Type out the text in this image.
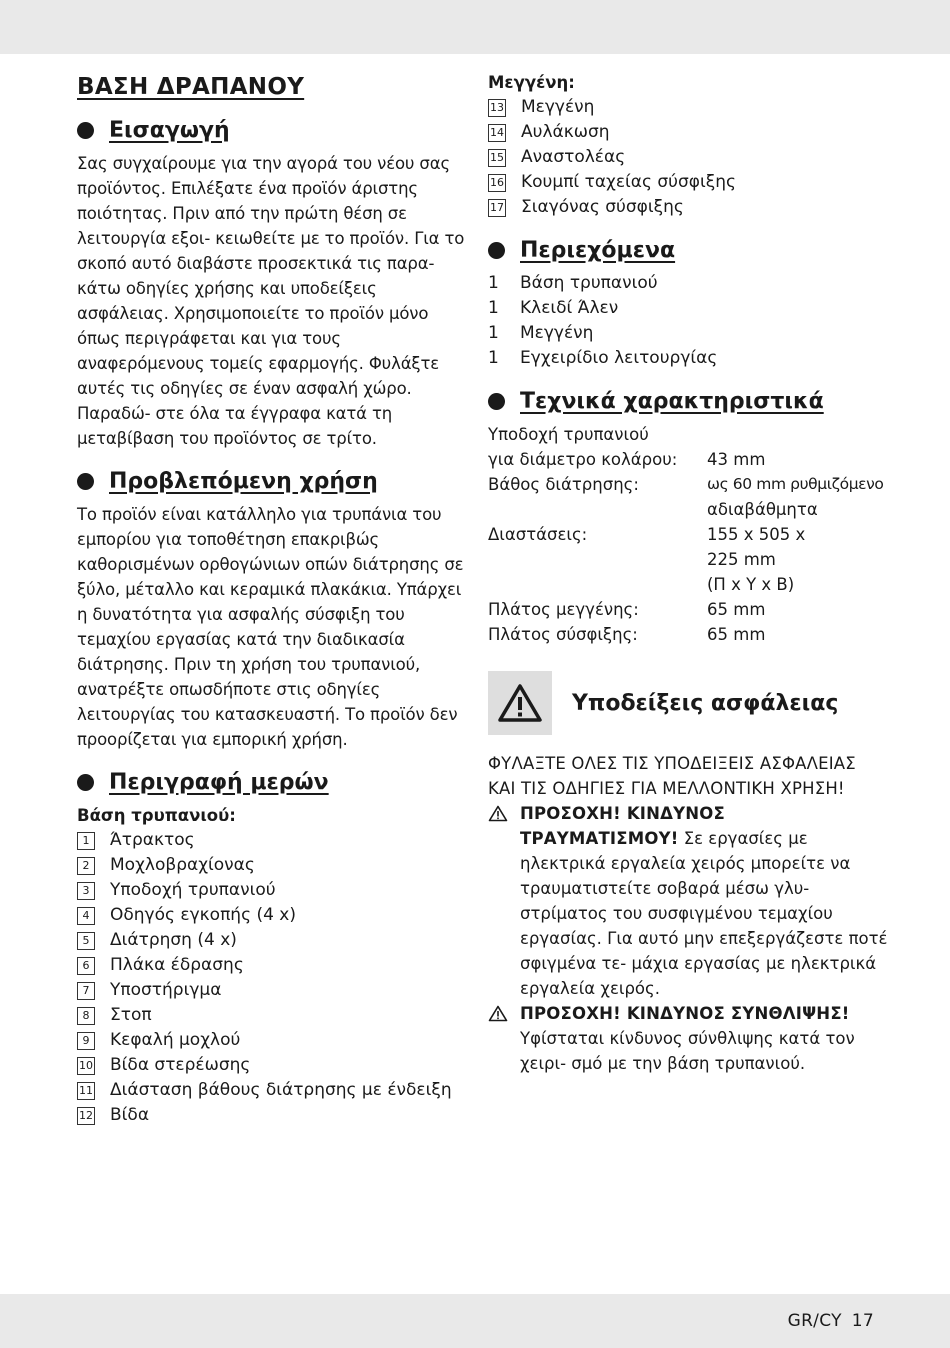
ΒΑΣΗ ΔΡΑΠΑΝΟΥ
Εισαγωγή

Σας συγχαίρουμε για την αγορά του νέου σας προϊόντος. Επιλέξατε ένα προϊόν άριστης ποιότητας. Πριν από την πρώτη θέση σε λειτουργία εξοι- κειωθείτε με το προϊόν. Για το σκοπό αυτό διαβάστε προσεκτικά τις παρα- κάτω οδηγίες χρήσης και υποδείξεις ασφάλειας. Χρησιμοποιείτε το προϊόν μόνο όπως περιγράφεται και για τους αναφερόμενους τομείς εφαρμογής. Φυλάξτε αυτές τις οδηγίες σε έναν ασφαλή χώρο. Παραδώ- στε όλα τα έγγραφα κατά τη μεταβίβαση του προϊόντος σε τρίτο.

Προβλεπόμενη χρήση

Το προϊόν είναι κατάλληλο για τρυπάνια του εμπορίου για τοποθέτηση επακριβώς καθορισμένων ορθογώνιων οπών διάτρησης σε ξύλο, μέταλλο και κεραμικά πλακάκια. Υπάρχει η δυνατότητα για ασφαλής σύσφιξη του τεμαχίου εργασίας κατά την διαδικασία διάτρησης. Πριν τη χρήση του τρυπανιού, ανατρέξτε οπωσδήποτε στις οδηγίες λειτουργίας του κατασκευαστή. Το προϊόν δεν προορίζεται για εμπορική χρήση.

Περιγραφή μερών
Βάση τρυπανιού:
1	Άτρακτος
2	Μοχλοβραχίονας
3	Υποδοχή τρυπανιού
4	Οδηγός εγκοπής (4 x)
5	Διάτρηση (4 x)
6	Πλάκα έδρασης
7	Υποστήριγμα
8	Στοπ
9	Κεφαλή μοχλού
10 Βίδα στερέωσης
11 Διάσταση βάθους διάτρησης με ένδειξη
12 Βίδα
Μεγγένη:
13 Μεγγένη
14 Αυλάκωση
15 Αναστολέας
16 Κουμπί ταχείας σύσφιξης
17 Σιαγόνας σύσφιξης
Περιεχόμενα
1	Βάση τρυπανιού
1	Κλειδί Άλεν
1	Μεγγένη
1	Εγχειρίδιο λειτουργίας
Τεχνικά χαρακτηριστικά
Υποδοχή τρυπανιού	
για διάμετρο κολάρου:	43 mm
Βάθος διάτρησης:	ως 60 mm ρυθμιζόμενο
	αδιαβάθμητα
Διαστάσεις:	155 x 505 x
	225 mm
	(Π x Υ x Β)
Πλάτος μεγγένης:	65 mm
Πλάτος σύσφιξης:	65 mm
Υποδείξεις ασφάλειας
ΦΥΛΑΞΤΕ ΟΛΕΣ ΤΙΣ ΥΠΟΔΕΙΞΕΙΣ ΑΣΦΑΛΕΙΑΣ ΚΑΙ ΤΙΣ ΟΔΗΓΙΕΣ ΓΙΑ ΜΕΛΛΟΝΤΙΚΗ ΧΡΗΣΗ!
ΠΡΟΣΟΧΗ! ΚΙΝΔΥΝΟΣ ΤΡΑΥΜΑΤΙΣΜΟΥ! Σε εργασίες με ηλεκτρικά εργαλεία χειρός μπορείτε να τραυματιστείτε σοβαρά μέσω γλυ- στρίματος του συσφιγμένου τεμαχίου εργασίας. Για αυτό μην επεξεργάζεστε ποτέ σφιγμένα τε- μάχια εργασίας με ηλεκτρικά εργαλεία χειρός.
ΠΡΟΣΟΧΗ! ΚΙΝΔΥΝΟΣ ΣΥΝΘΛΙΨΗΣ!
Υφίσταται κίνδυνος σύνθλιψης κατά τον χειρι- σμό με την βάση τρυπανιού.
GR/CY 17
